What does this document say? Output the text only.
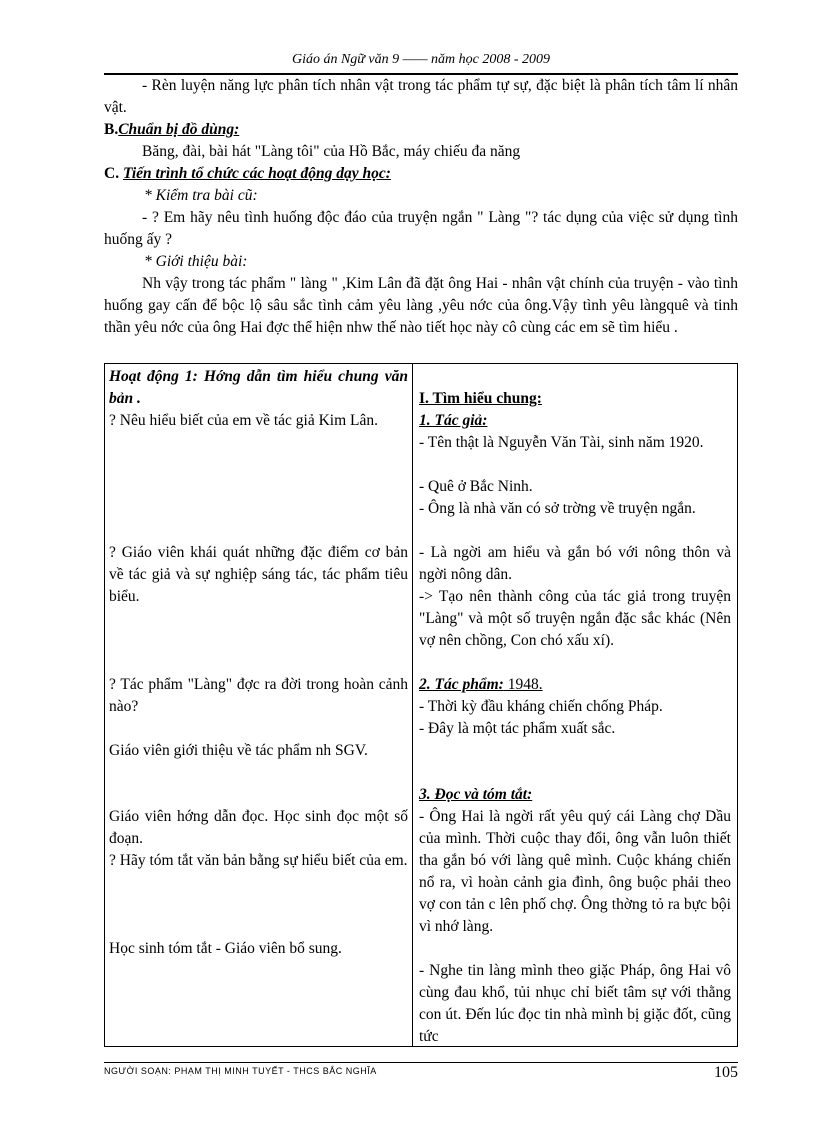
Giáo án Ngữ văn 9 —— năm học 2008 - 2009

- Rèn luyện năng lực phân tích nhân vật trong tác phẩm tự sự, đặc biệt là phân tích tâm lí nhân vật.

B.Chuẩn bị đồ dùng:

Băng, đài, bài hát "Làng tôi" của Hồ Bắc, máy chiếu đa năng

C. Tiến trình tổ chức các hoạt động dạy học:

* Kiểm tra bài cũ:

- ? Em hãy nêu tình huống độc đáo của truyện ngắn " Làng "? tác dụng của việc sử dụng tình huống ấy ?

* Giới thiệu bài:

Nh vậy trong tác phẩm " làng " ,Kim Lân đã đặt ông Hai - nhân vật chính của truyện - vào tình huống gay cấn để bộc lộ sâu sắc tình cảm yêu làng ,yêu nớc của ông.Vậy tình yêu làngquê và tinh thần yêu nớc của ông Hai đợc thể hiện nhw thế nào tiết học này cô cùng các em sẽ tìm hiểu .

Hoạt động 1: Hớng dẫn tìm hiểu chung văn bản .
? Nêu hiểu biết của em về tác giả Kim Lân.
? Giáo viên khái quát những đặc điểm cơ bản về tác giả và sự nghiệp sáng tác, tác phẩm tiêu biểu.
? Tác phẩm "Làng" đợc ra đời trong hoàn cảnh nào?
Giáo viên giới thiệu về tác phẩm nh SGV.
Giáo viên hớng dẫn đọc. Học sinh đọc một số đoạn.
? Hãy tóm tắt văn bản bằng sự hiểu biết của em.
Học sinh tóm tắt - Giáo viên bổ sung.
I. Tìm hiểu chung:
1. Tác giả:
- Tên thật là Nguyễn Văn Tài, sinh năm 1920.
- Quê ở Bắc Ninh.
- Ông là nhà văn có sở trờng về truyện ngắn.
- Là ngời am hiểu và gắn bó với nông thôn và ngời nông dân.
-> Tạo nên thành công của tác giả trong truyện "Làng" và một số truyện ngắn đặc sắc khác (Nên vợ nên chồng, Con chó xấu xí).
2. Tác phẩm: 1948.
- Thời kỳ đầu kháng chiến chống Pháp.
- Đây là một tác phẩm xuất sắc.
3. Đọc và tóm tắt:
- Ông Hai là ngời rất yêu quý cái Làng chợ Dầu của mình. Thời cuộc thay đổi, ông vẫn luôn thiết tha gắn bó với làng quê mình. Cuộc kháng chiến nổ ra, vì hoàn cảnh gia đình, ông buộc phải theo vợ con tản c lên phố chợ. Ông thờng tỏ ra bực bội vì nhớ làng.
- Nghe tin làng mình theo giặc Pháp, ông Hai vô cùng đau khổ, tủi nhục chỉ biết tâm sự với thằng con út. Đến lúc đọc tin nhà mình bị giặc đốt, cũng tức
NGƯỜI SOẠN: PHẠM THỊ MINH TUYẾT - THCS BẮC NGHĨA	105
